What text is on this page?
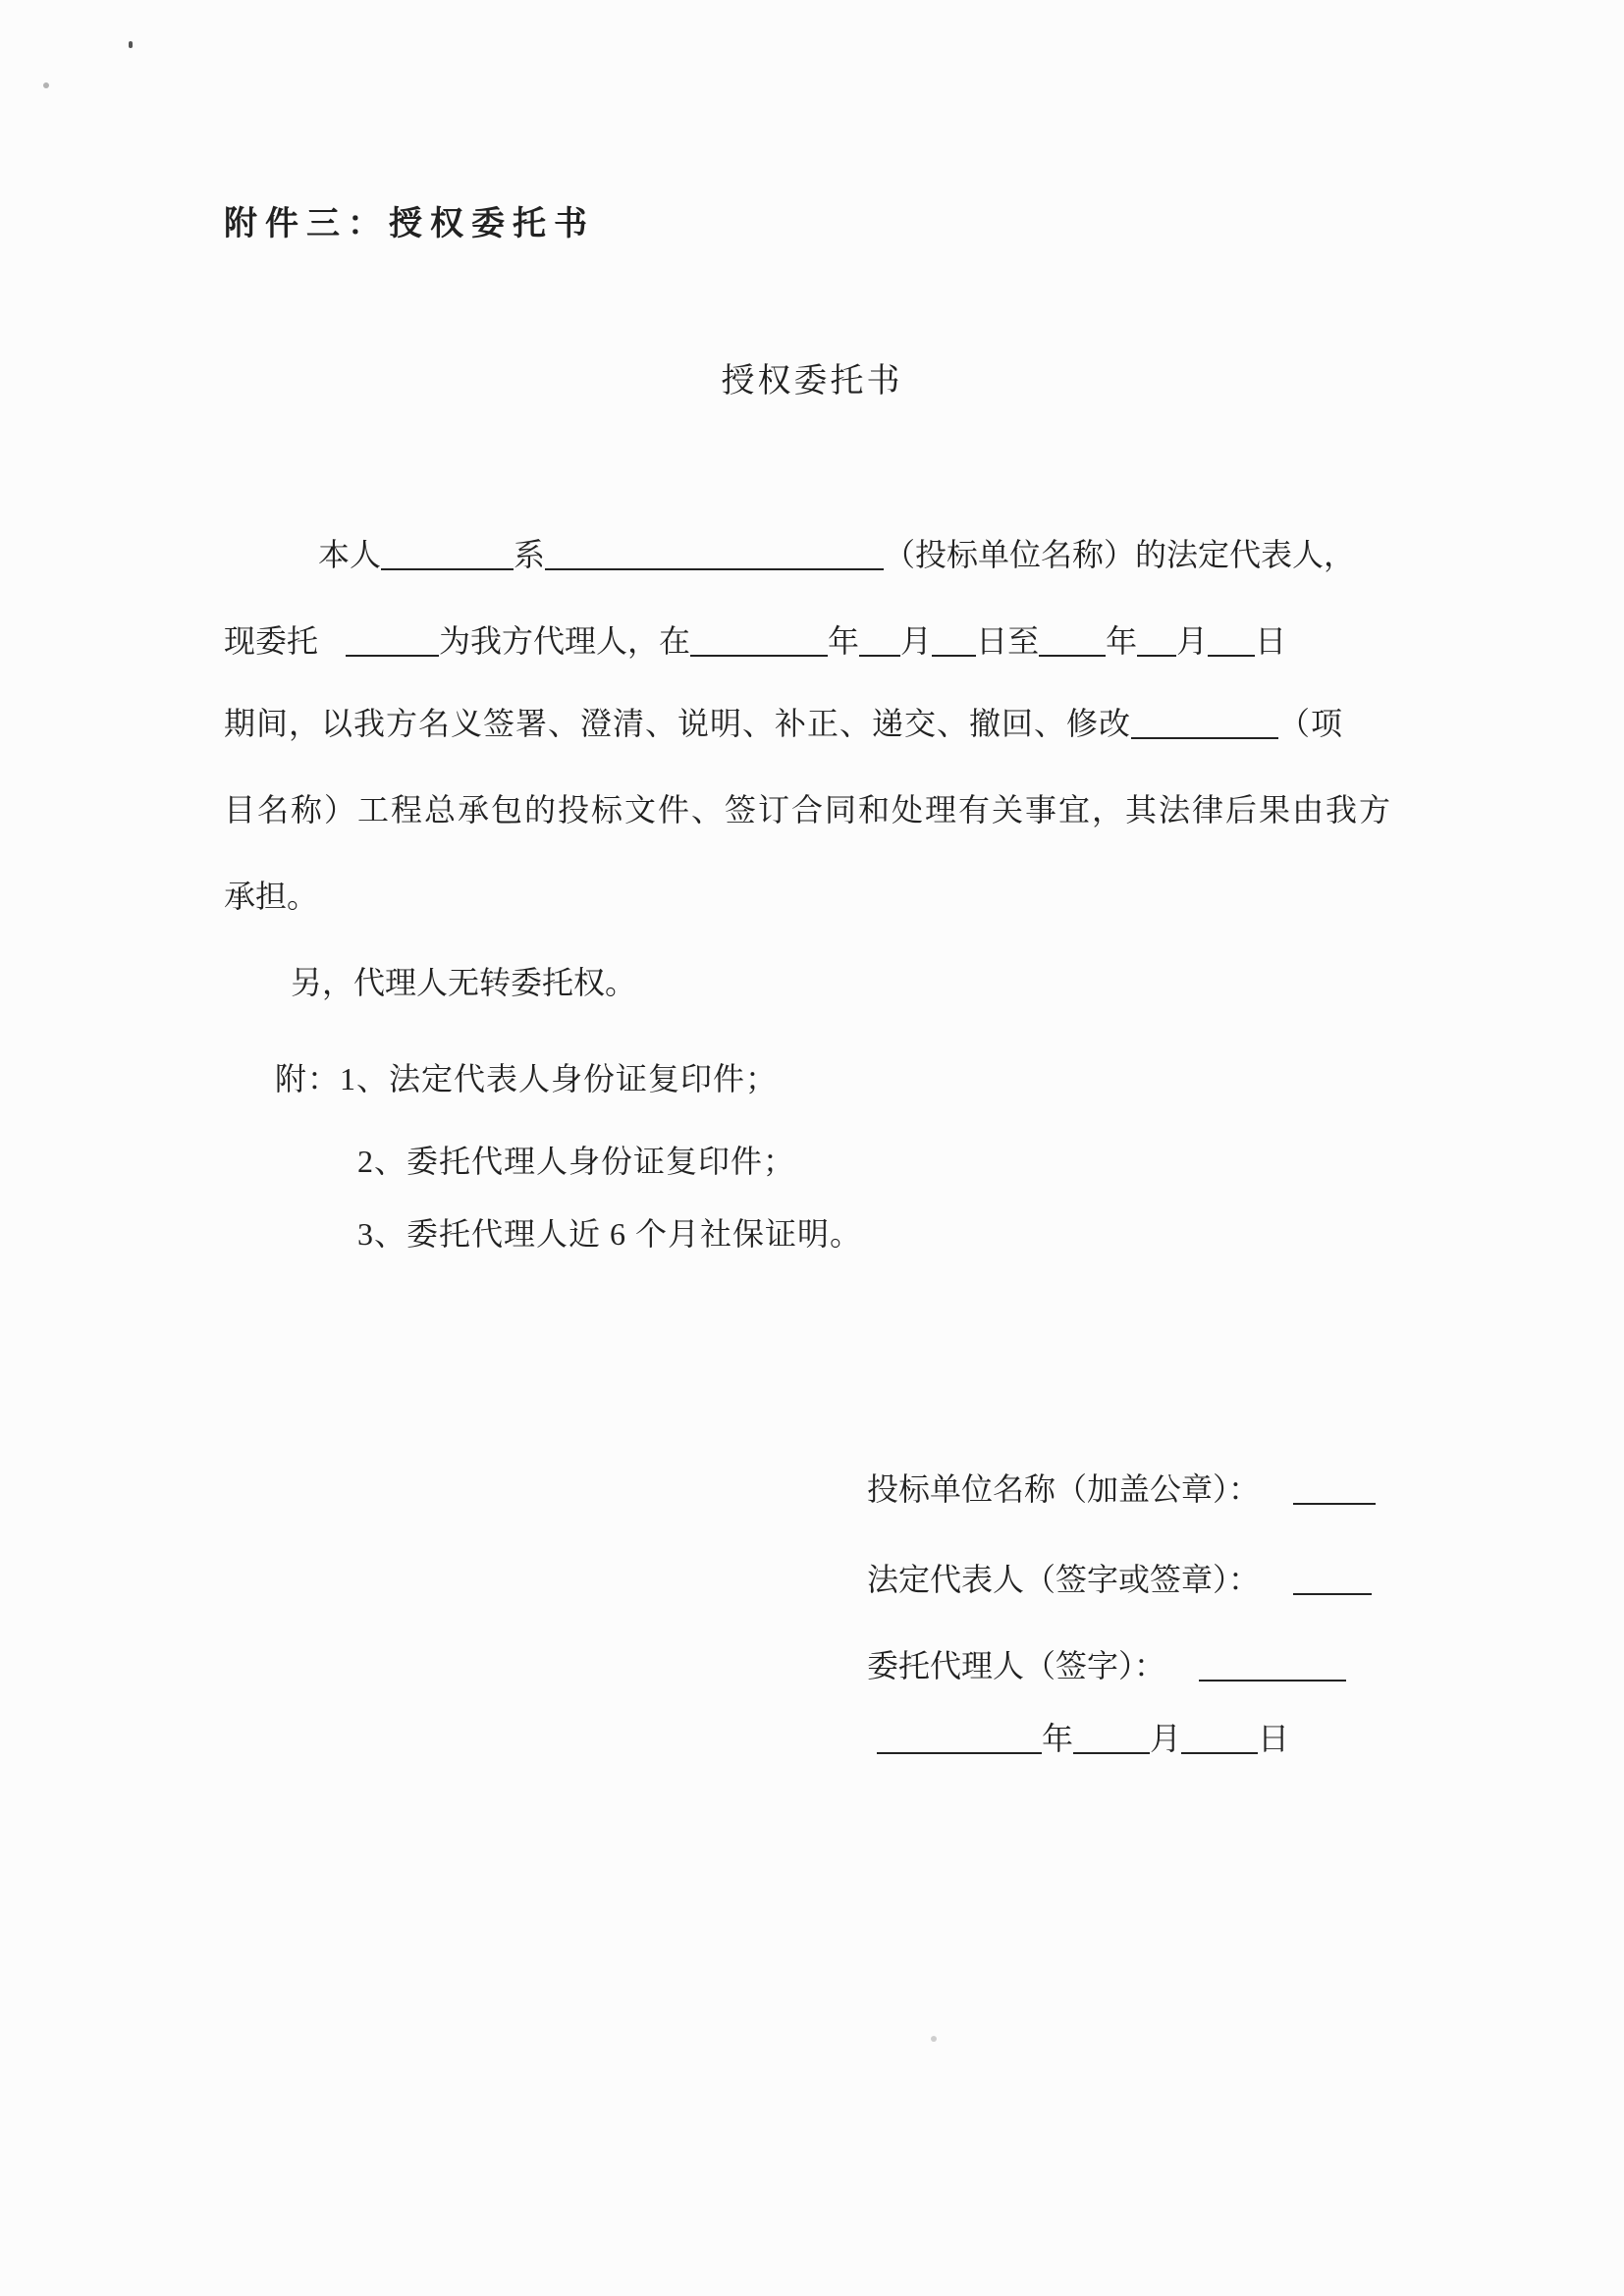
附件三：授权委托书
授权委托书
本人	系	（投标单位名称）的法定代表人，
现委托	为我方代理人，在	年 月 日至 年 月 日
期间，以我方名义签署、澄清、说明、补正、递交、撤回、修改	（项
目名称）工程总承包的投标文件、签订合同和处理有关事宜，其法律后果由我方
承担。
另，代理人无转委托权。
附：1、法定代表人身份证复印件；
2、委托代理人身份证复印件；
3、委托代理人近 6 个月社保证明。
投标单位名称（加盖公章）：
法定代表人（签字或签章）：
委托代理人（签字）：
年 月 日
